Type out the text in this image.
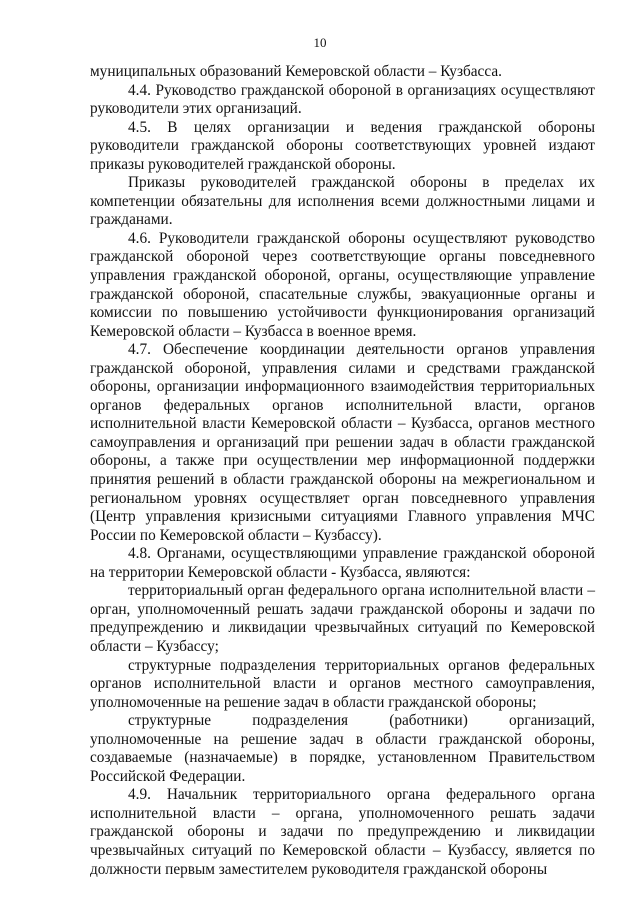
10

муниципальных образований Кемеровской области – Кузбасса.

4.4. Руководство гражданской обороной в организациях осуществляют руководители этих организаций.

4.5. В целях организации и ведения гражданской обороны руководители гражданской обороны соответствующих уровней издают приказы руководителей гражданской обороны.

Приказы руководителей гражданской обороны в пределах их компетенции обязательны для исполнения всеми должностными лицами и гражданами.

4.6. Руководители гражданской обороны осуществляют руководство гражданской обороной через соответствующие органы повседневного управления гражданской обороной, органы, осуществляющие управление гражданской обороной, спасательные службы, эвакуационные органы и комиссии по повышению устойчивости функционирования организаций Кемеровской области – Кузбасса в военное время.

4.7. Обеспечение координации деятельности органов управления гражданской обороной, управления силами и средствами гражданской обороны, организации информационного взаимодействия территориальных органов федеральных органов исполнительной власти, органов исполнительной власти Кемеровской области – Кузбасса, органов местного самоуправления и организаций при решении задач в области гражданской обороны, а также при осуществлении мер информационной поддержки принятия решений в области гражданской обороны на межрегиональном и региональном уровнях осуществляет орган повседневного управления (Центр управления кризисными ситуациями Главного управления МЧС России по Кемеровской области – Кузбассу).

4.8. Органами, осуществляющими управление гражданской обороной на территории Кемеровской области - Кузбасса, являются:

территориальный орган федерального органа исполнительной власти – орган, уполномоченный решать задачи гражданской обороны и задачи по предупреждению и ликвидации чрезвычайных ситуаций по Кемеровской области – Кузбассу;

структурные подразделения территориальных органов федеральных органов исполнительной власти и органов местного самоуправления, уполномоченные на решение задач в области гражданской обороны;

структурные подразделения (работники) организаций, уполномоченные на решение задач в области гражданской обороны, создаваемые (назначаемые) в порядке, установленном Правительством Российской Федерации.

4.9. Начальник территориального органа федерального органа исполнительной власти – органа, уполномоченного решать задачи гражданской обороны и задачи по предупреждению и ликвидации чрезвычайных ситуаций по Кемеровской области – Кузбассу, является по должности первым заместителем руководителя гражданской обороны
